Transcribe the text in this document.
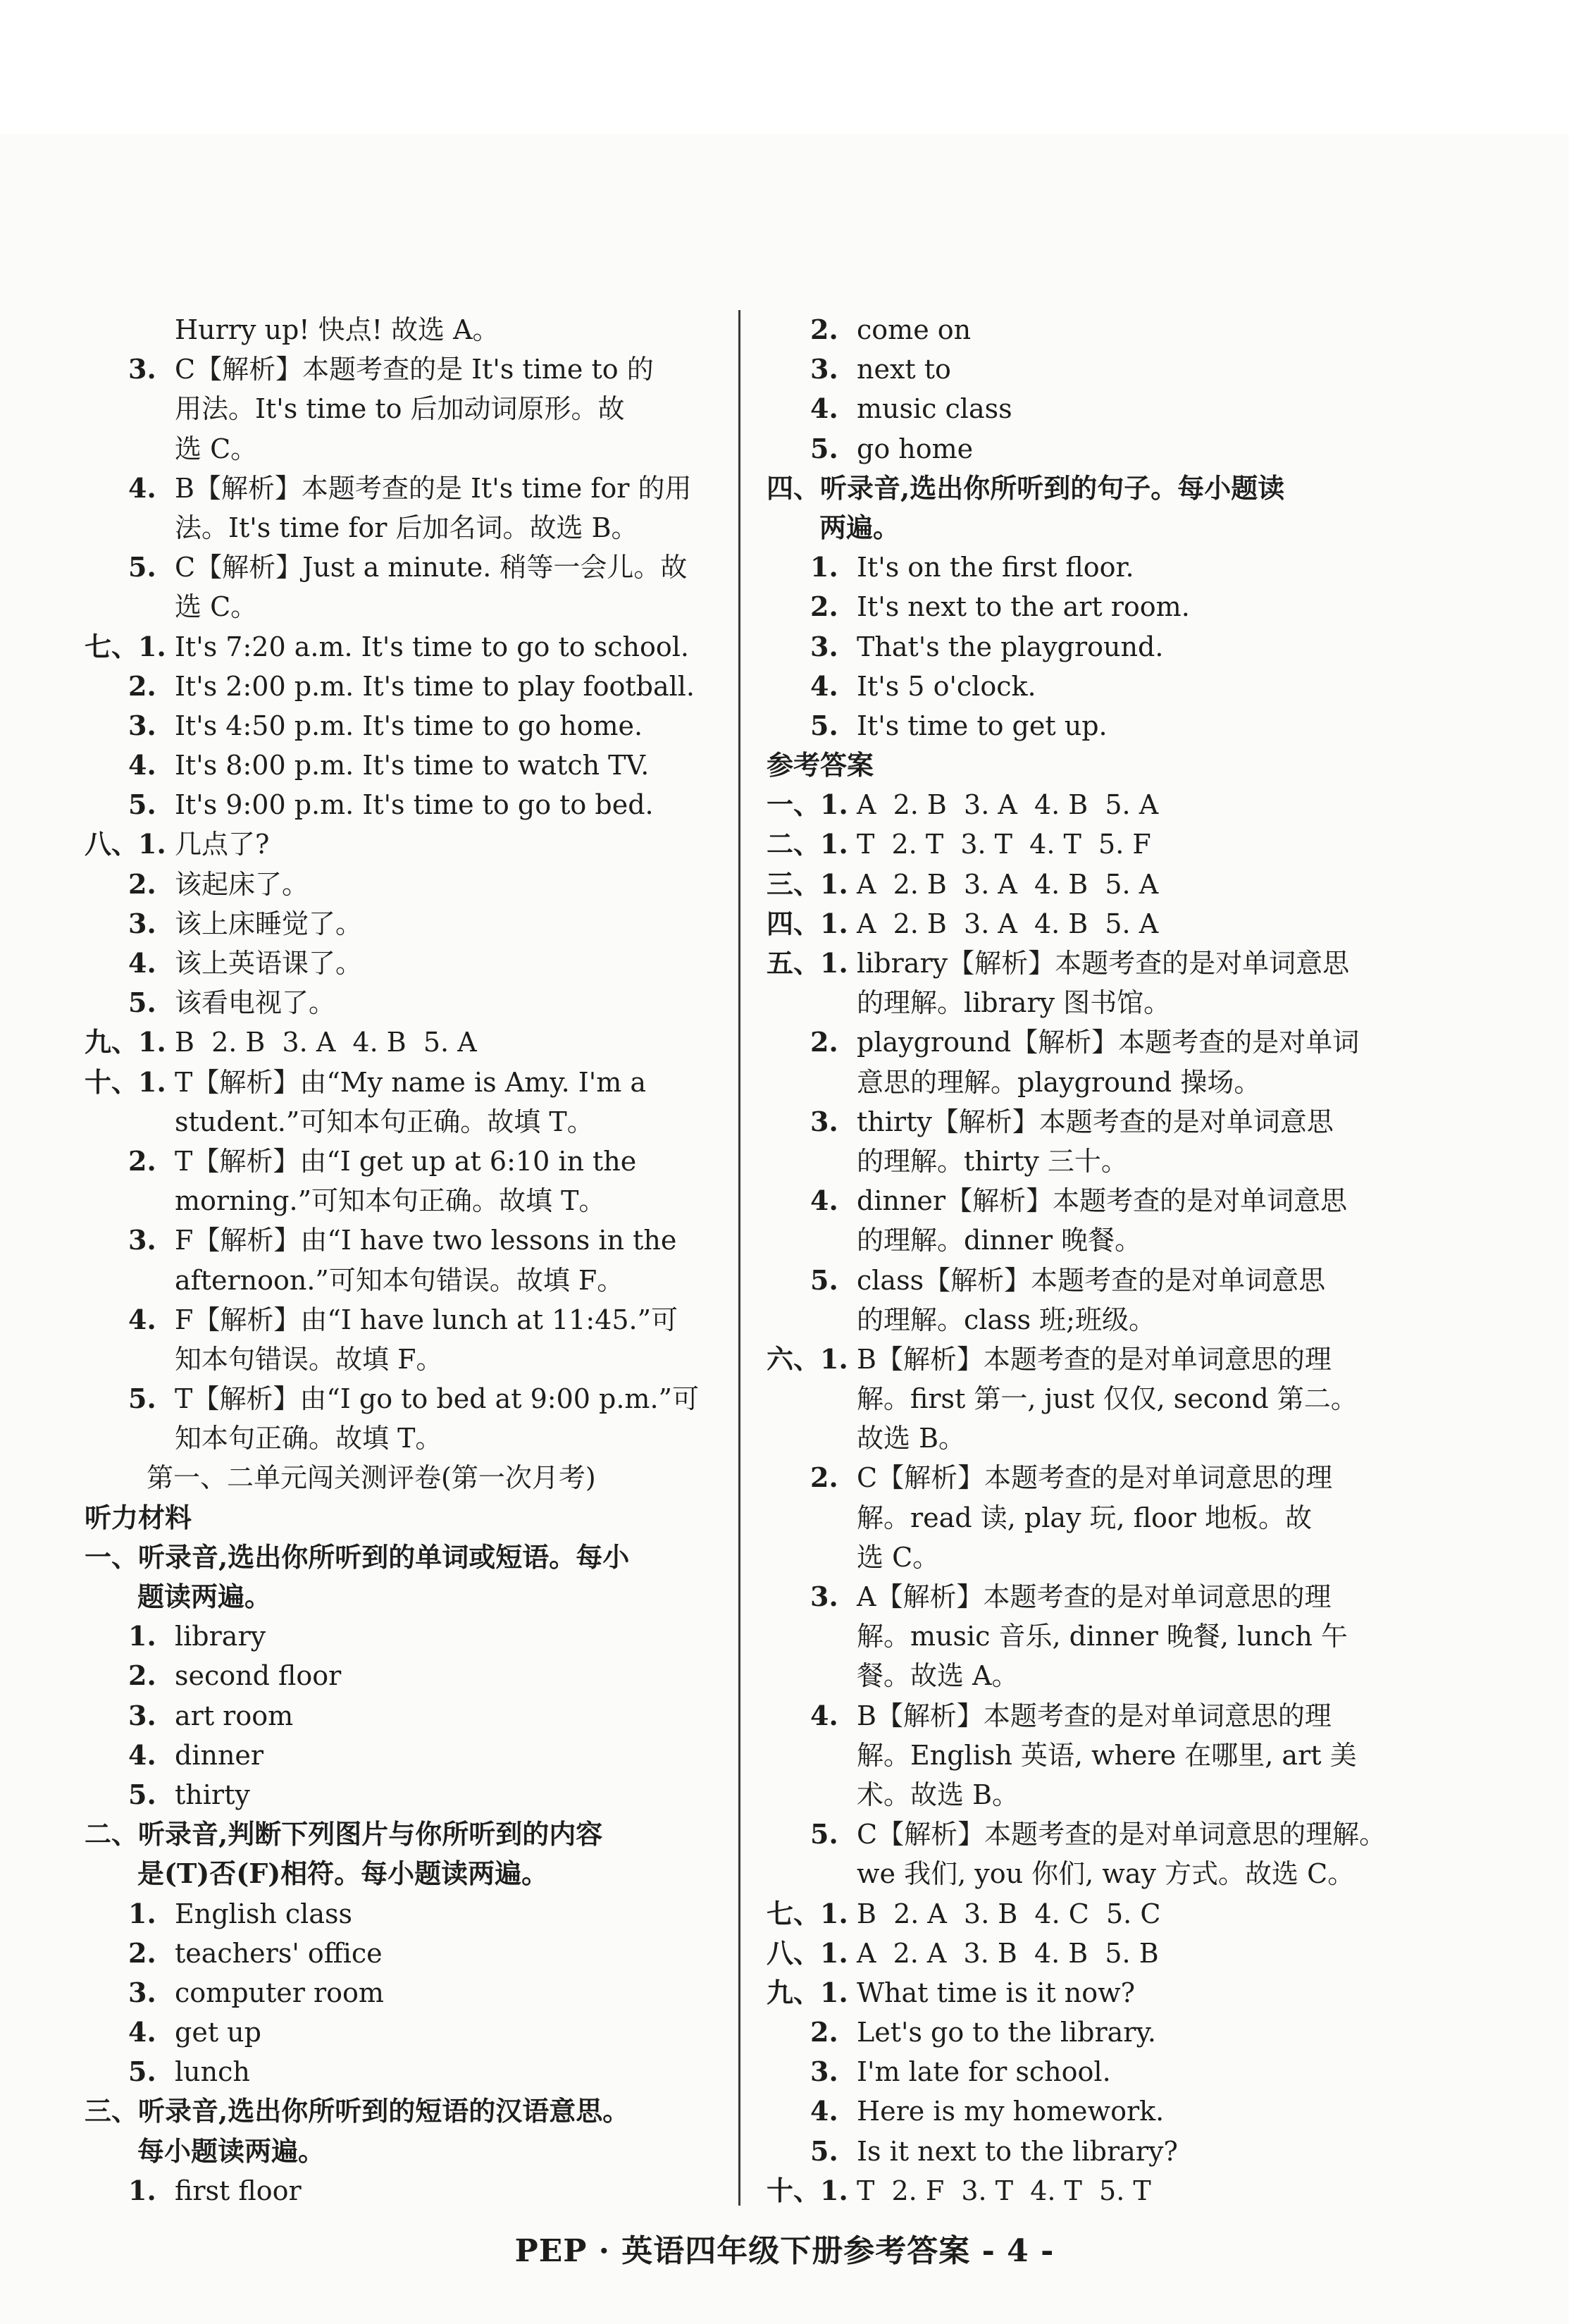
Hurry up! 快点! 故选 A。
3. C【解析】本题考查的是 It's time to 的
用法。It's time to 后加动词原形。故
选 C。
4. B【解析】本题考查的是 It's time for 的用
法。It's time for 后加名词。故选 B。
5. C【解析】Just a minute. 稍等一会儿。故
选 C。
七、1. It's 7:20 a.m. It's time to go to school.
2. It's 2:00 p.m. It's time to play football.
3. It's 4:50 p.m. It's time to go home.
4. It's 8:00 p.m. It's time to watch TV.
5. It's 9:00 p.m. It's time to go to bed.
八、1. 几点了?
2. 该起床了。
3. 该上床睡觉了。
4. 该上英语课了。
5. 该看电视了。
九、1. B  2. B  3. A  4. B  5. A
十、1. T【解析】由“My name is Amy. I'm a
student.”可知本句正确。故填 T。
2. T【解析】由“I get up at 6:10 in the
morning.”可知本句正确。故填 T。
3. F【解析】由“I have two lessons in the
afternoon.”可知本句错误。故填 F。
4. F【解析】由“I have lunch at 11:45.”可
知本句错误。故填 F。
5. T【解析】由“I go to bed at 9:00 p.m.”可
知本句正确。故填 T。
第一、二单元闯关测评卷(第一次月考)
听力材料
一、听录音,选出你所听到的单词或短语。每小
题读两遍。
1. library
2. second floor
3. art room
4. dinner
5. thirty
二、听录音,判断下列图片与你所听到的内容
是(T)否(F)相符。每小题读两遍。
1. English class
2. teachers' office
3. computer room
4. get up
5. lunch
三、听录音,选出你所听到的短语的汉语意思。
每小题读两遍。
1. first floor
2. come on
3. next to
4. music class
5. go home
四、听录音,选出你所听到的句子。每小题读
两遍。
1. It's on the first floor.
2. It's next to the art room.
3. That's the playground.
4. It's 5 o'clock.
5. It's time to get up.
参考答案
一、1. A  2. B  3. A  4. B  5. A
二、1. T  2. T  3. T  4. T  5. F
三、1. A  2. B  3. A  4. B  5. A
四、1. A  2. B  3. A  4. B  5. A
五、1. library【解析】本题考查的是对单词意思
的理解。library 图书馆。
2. playground【解析】本题考查的是对单词
意思的理解。playground 操场。
3. thirty【解析】本题考查的是对单词意思
的理解。thirty 三十。
4. dinner【解析】本题考查的是对单词意思
的理解。dinner 晚餐。
5. class【解析】本题考查的是对单词意思
的理解。class 班;班级。
六、1. B【解析】本题考查的是对单词意思的理
解。first 第一, just 仅仅, second 第二。
故选 B。
2. C【解析】本题考查的是对单词意思的理
解。read 读, play 玩, floor 地板。故
选 C。
3. A【解析】本题考查的是对单词意思的理
解。music 音乐, dinner 晚餐, lunch 午
餐。故选 A。
4. B【解析】本题考查的是对单词意思的理
解。English 英语, where 在哪里, art 美
术。故选 B。
5. C【解析】本题考查的是对单词意思的理解。
we 我们, you 你们, way 方式。故选 C。
七、1. B  2. A  3. B  4. C  5. C
八、1. A  2. A  3. B  4. B  5. B
九、1. What time is it now?
2. Let's go to the library.
3. I'm late for school.
4. Here is my homework.
5. Is it next to the library?
十、1. T  2. F  3. T  4. T  5. T
PEP · 英语四年级下册参考答案 - 4 -
